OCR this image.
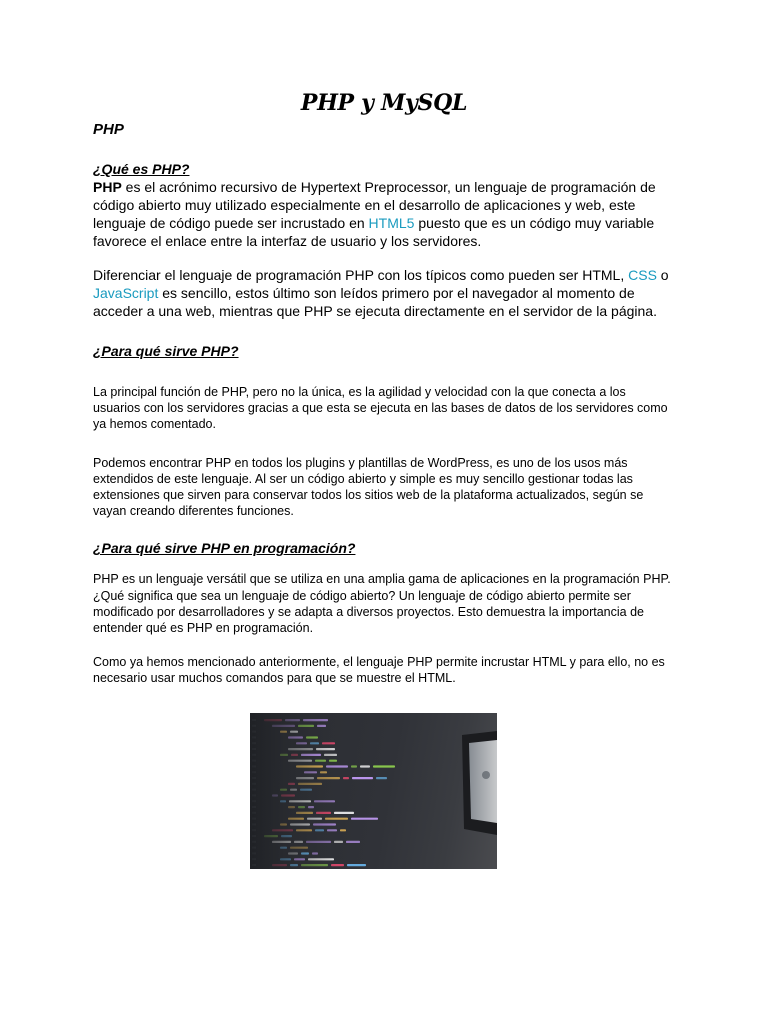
PHP y MySQL
PHP
¿Qué es PHP?

PHP es el acrónimo recursivo de Hypertext Preprocessor, un lenguaje de programación de código abierto muy utilizado especialmente en el desarrollo de aplicaciones y web, este lenguaje de código puede ser incrustado en HTML5 puesto que es un código muy variable favorece el enlace entre la interfaz de usuario y los servidores.

Diferenciar el lenguaje de programación PHP con los típicos como pueden ser HTML, CSS o JavaScript es sencillo, estos último son leídos primero por el navegador al momento de acceder a una web, mientras que PHP se ejecuta directamente en el servidor de la página.

¿Para qué sirve PHP?

La principal función de PHP, pero no la única, es la agilidad y velocidad con la que conecta a los usuarios con los servidores gracias a que esta se ejecuta en las bases de datos de los servidores como ya hemos comentado.

Podemos encontrar PHP en todos los plugins y plantillas de WordPress, es uno de los usos más extendidos de este lenguaje. Al ser un código abierto y simple es muy sencillo gestionar todas las extensiones que sirven para conservar todos los sitios web de la plataforma actualizados, según se vayan creando diferentes funciones.

¿Para qué sirve PHP en programación?

PHP es un lenguaje versátil que se utiliza en una amplia gama de aplicaciones en la programación PHP. ¿Qué significa que sea un lenguaje de código abierto? Un lenguaje de código abierto permite ser modificado por desarrolladores y se adapta a diversos proyectos. Esto demuestra la importancia de entender qué es PHP en programación.

Como ya hemos mencionado anteriormente, el lenguaje PHP permite incrustar HTML y para ello, no es necesario usar muchos comandos para que se muestre el HTML.
